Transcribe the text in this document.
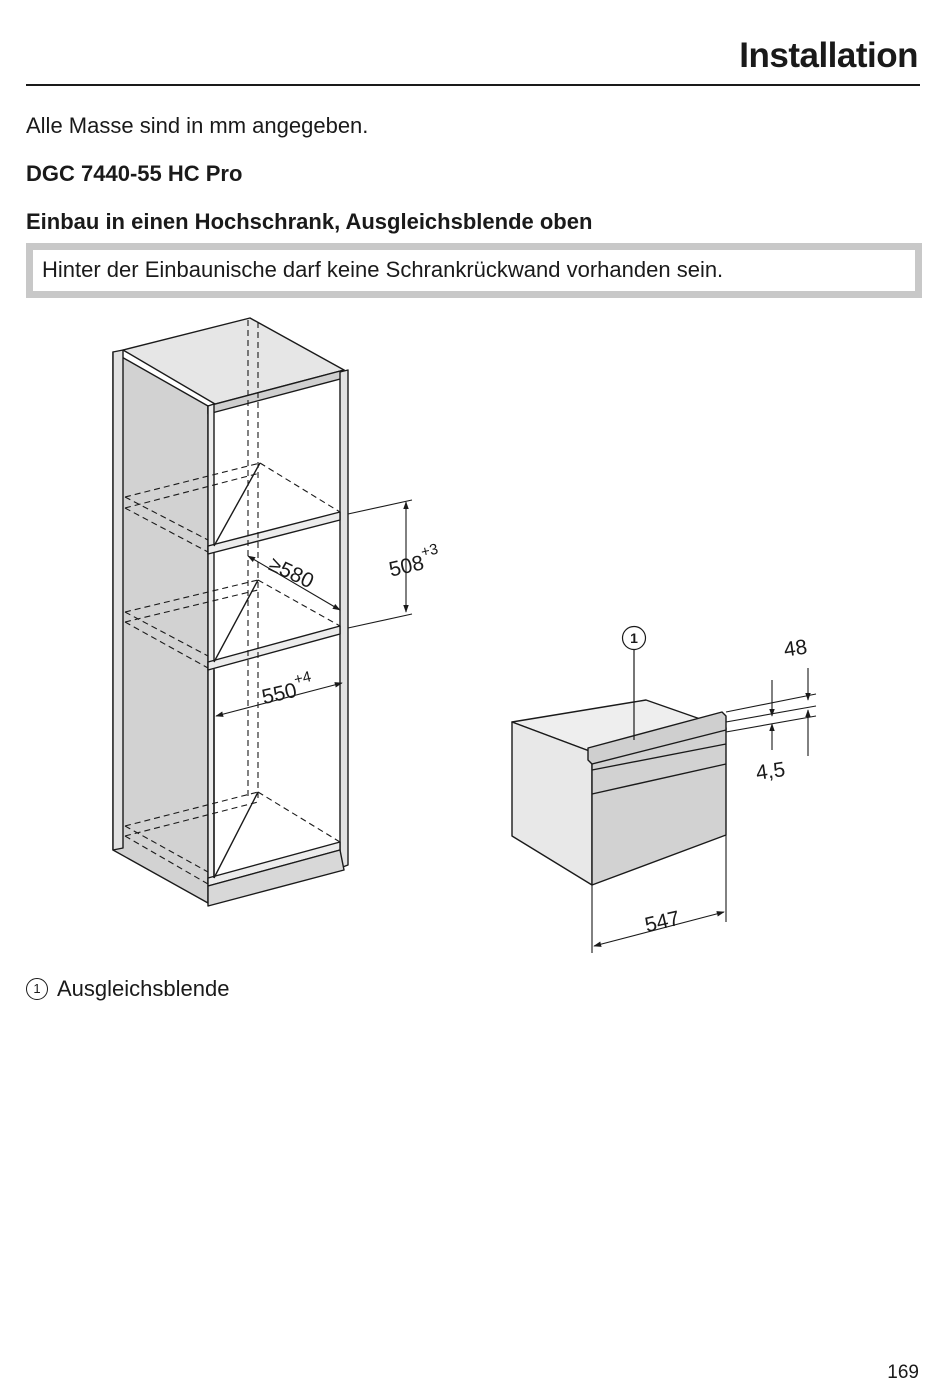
Installation
Alle Masse sind in mm angegeben.
DGC 7440-55 HC Pro
Einbau in einen Hochschrank, Ausgleichsblende oben
Hinter der Einbaunische darf keine Schrankrückwand vorhanden sein.
≥580	$508^{+3}$
$550^{+4}$
1	48
4,5
547
1 Ausgleichsblende
169
